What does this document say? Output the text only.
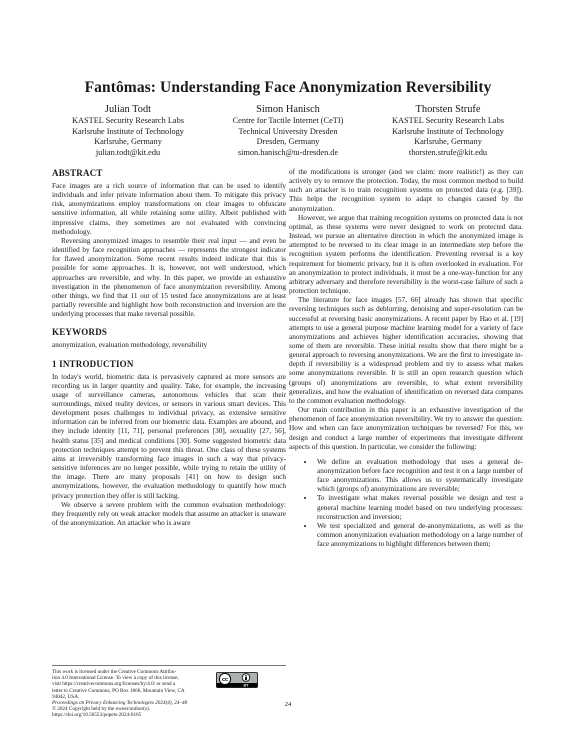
Fantômas: Understanding Face Anonymization Reversibility
Julian Todt
KASTEL Security Research Labs
Karlsruhe Institute of Technology
Karlsruhe, Germany
julian.todt@kit.edu
Simon Hanisch
Centre for Tactile Internet (CeTI)
Technical University Dresden
Dresden, Germany
simon.hanisch@tu-dresden.de
Thorsten Strufe
KASTEL Security Research Labs
Karlsruhe Institute of Technology
Karlsruhe, Germany
thorsten.strufe@kit.edu
ABSTRACT

Face images are a rich source of information that can be used to identify individuals and infer private information about them. To mitigate this privacy risk, anonymizations employ transformations on clear images to obfuscate sensitive information, all while retaining some utility. Albeit published with impressive claims, they sometimes are not evaluated with convincing methodology.

Reversing anonymized images to resemble their real input — and even be identified by face recognition approaches — represents the strongest indicator for flawed anonymization. Some recent results indeed indicate that this is possible for some approaches. It is, however, not well understood, which approaches are reversible, and why. In this paper, we provide an exhaustive investigation in the phenomenon of face anonymization reversibility. Among other things, we find that 11 out of 15 tested face anonymizations are at least partially reversible and highlight how both reconstruction and inversion are the underlying processes that make reversal possible.

KEYWORDS

anonymization, evaluation methodology, reversibility

1 INTRODUCTION

In today's world, biometric data is pervasively captured as more sensors are recording us in larger quantity and quality. Take, for example, the increasing usage of surveillance cameras, autonomous vehicles that scan their surroundings, mixed reality devices, or sensors in various smart devices. This development poses challenges to individual privacy, as extensive sensitive information can be inferred from our biometric data. Examples are abound, and they include identity [11, 71], personal preferences [30], sexuality [27, 56], health status [35] and medical conditions [30]. Some suggested biometric data protection techniques attempt to prevent this threat. One class of these systems aims at irreversibly transforming face images in such a way that privacy-sensitive inferences are no longer possible, while trying to retain the utility of the image. There are many proposals [41] on how to design such anonymizations, however, the evaluation methodology to quantify how much privacy protection they offer is still lacking.

We observe a severe problem with the common evaluation methodology: they frequently rely on weak attacker models that assume an attacker is unaware of the anonymization. An attacker who is aware

of the modifications is stronger (and we claim: more realistic!) as they can actively try to remove the protection. Today, the most common method to build such an attacker is to train recognition systems on protected data (e.g. [39]). This helps the recognition system to adapt to changes caused by the anonymization.

However, we argue that training recognition systems on protected data is not optimal, as these systems were never designed to work on protected data. Instead, we pursue an alternative direction in which the anonymized image is attempted to be reversed to its clear image in an intermediate step before the recognition system performs the identification. Preventing reversal is a key requirement for biometric privacy, but it is often overlooked in evaluation. For an anonymization to protect individuals, it must be a one-way-function for any arbitrary adversary and therefore reversibility is the worst-case failure of such a protection technique.

The literature for face images [57, 66] already has shown that specific reversing techniques such as deblurring, denoising and super-resolution can be successful at reversing basic anonymizations. A recent paper by Hao et al. [19] attempts to use a general purpose machine learning model for a variety of face anonymizations and achieves higher identification accuracies, showing that some of them are reversible. These initial results show that there might be a general approach to reversing anonymizations. We are the first to investigate in-depth if reversibility is a widespread problem and try to assess what makes some anonymizations reversible. It is still an open research question which (groups of) anonymizations are reversible, to what extent reversibility generalizes, and how the evaluation of identification on reversed data compares to the common evaluation methodology.

Our main contribution in this paper is an exhaustive investigation of the phenomenon of face anonymization reversibility. We try to answer the question: How and when can face anonymization techniques be reversed? For this, we design and conduct a large number of experiments that investigate different aspects of this question. In particular, we consider the following:

• We define an evaluation methodology that uses a general de-anonymization before face recognition and test it on a large number of face anonymizations. This allows us to systematically investigate which (groups of) anonymizations are reversible;
• To investigate what makes reversal possible we design and test a general machine learning model based on two underlying processes: reconstruction and inversion;
• We test specialized and general de-anonymizations, as well as the common anonymization evaluation methodology on a large number of face anonymizations to highlight differences between them;
This work is licensed under the Creative Commons Attribu-
tion 4.0 International License. To view a copy of this license,
visit https://creativecommons.org/licenses/by/4.0/ or send a
letter to Creative Commons, PO Box 1866, Mountain View, CA 94042, USA.
Proceedings on Privacy Enhancing Technologies 2024(4), 24–48
© 2024 Copyright held by the owner/author(s).
https://doi.org/10.56553/popets-2024-0105
cc
BY
24
